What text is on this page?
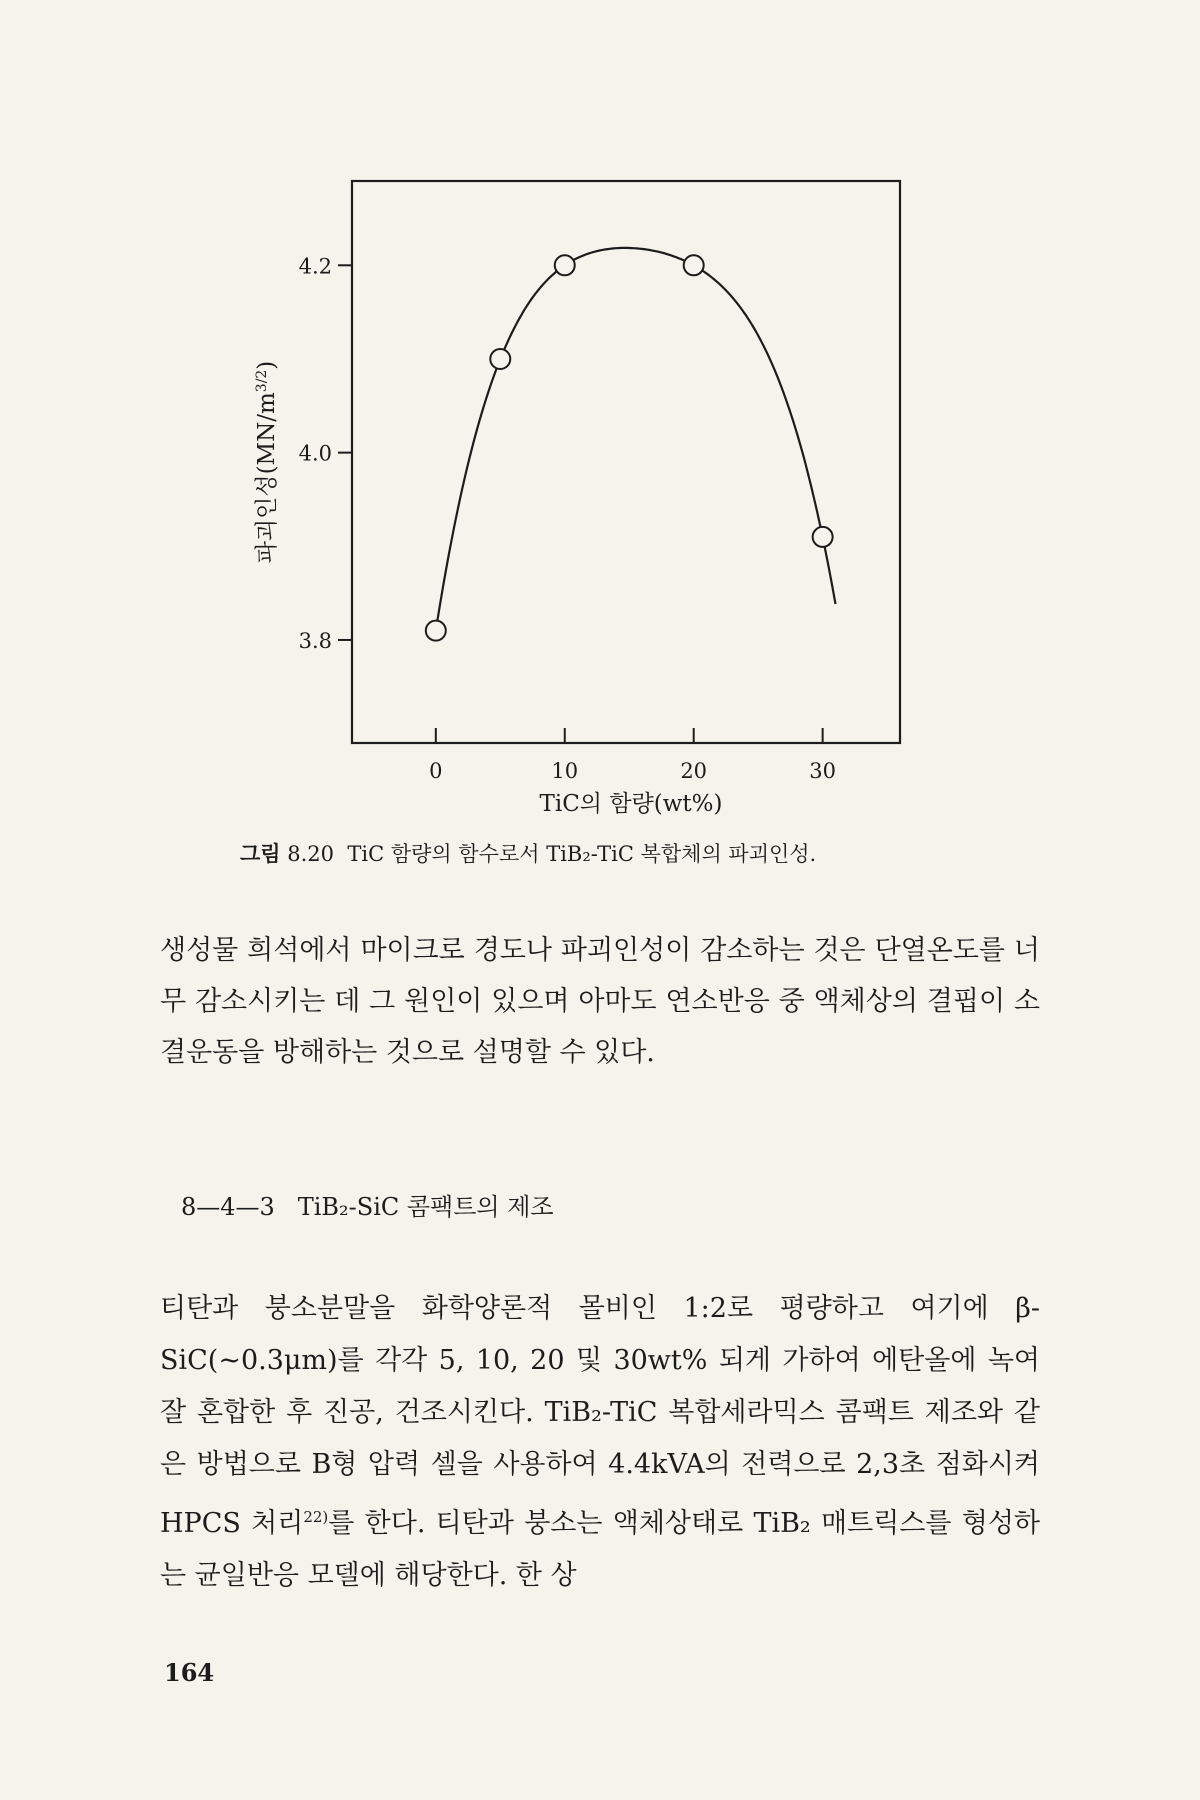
3.8
4.0
4.2
0	10	20	30
파괴인성$(MN/m^{3/2})$
TiC의 함량(wt%)
그림 8.20 TiC 함량의 함수로서 TiB₂-TiC 복합체의 파괴인성.
생성물 희석에서 마이크로 경도나 파괴인성이 감소하는 것은 단열온도를 너무 감소시키는 데 그 원인이 있으며 아마도 연소반응 중 액체상의 결핍이 소결운동을 방해하는 것으로 설명할 수 있다.
8—4—3 TiB₂-SiC 콤팩트의 제조
티탄과 붕소분말을 화학양론적 몰비인 1:2로 평량하고 여기에 β-SiC(~0.3μm)를 각각 5, 10, 20 및 30wt% 되게 가하여 에탄올에 녹여 잘 혼합한 후 진공, 건조시킨다. TiB₂-TiC 복합세라믹스 콤팩트 제조와 같은 방법으로 B형 압력 셀을 사용하여 4.4kVA의 전력으로 2,3초 점화시켜 HPCS 처리$^{22)}$를 한다. 티탄과 붕소는 액체상태로 TiB₂ 매트릭스를 형성하는 균일반응 모델에 해당한다. 한 상
164
